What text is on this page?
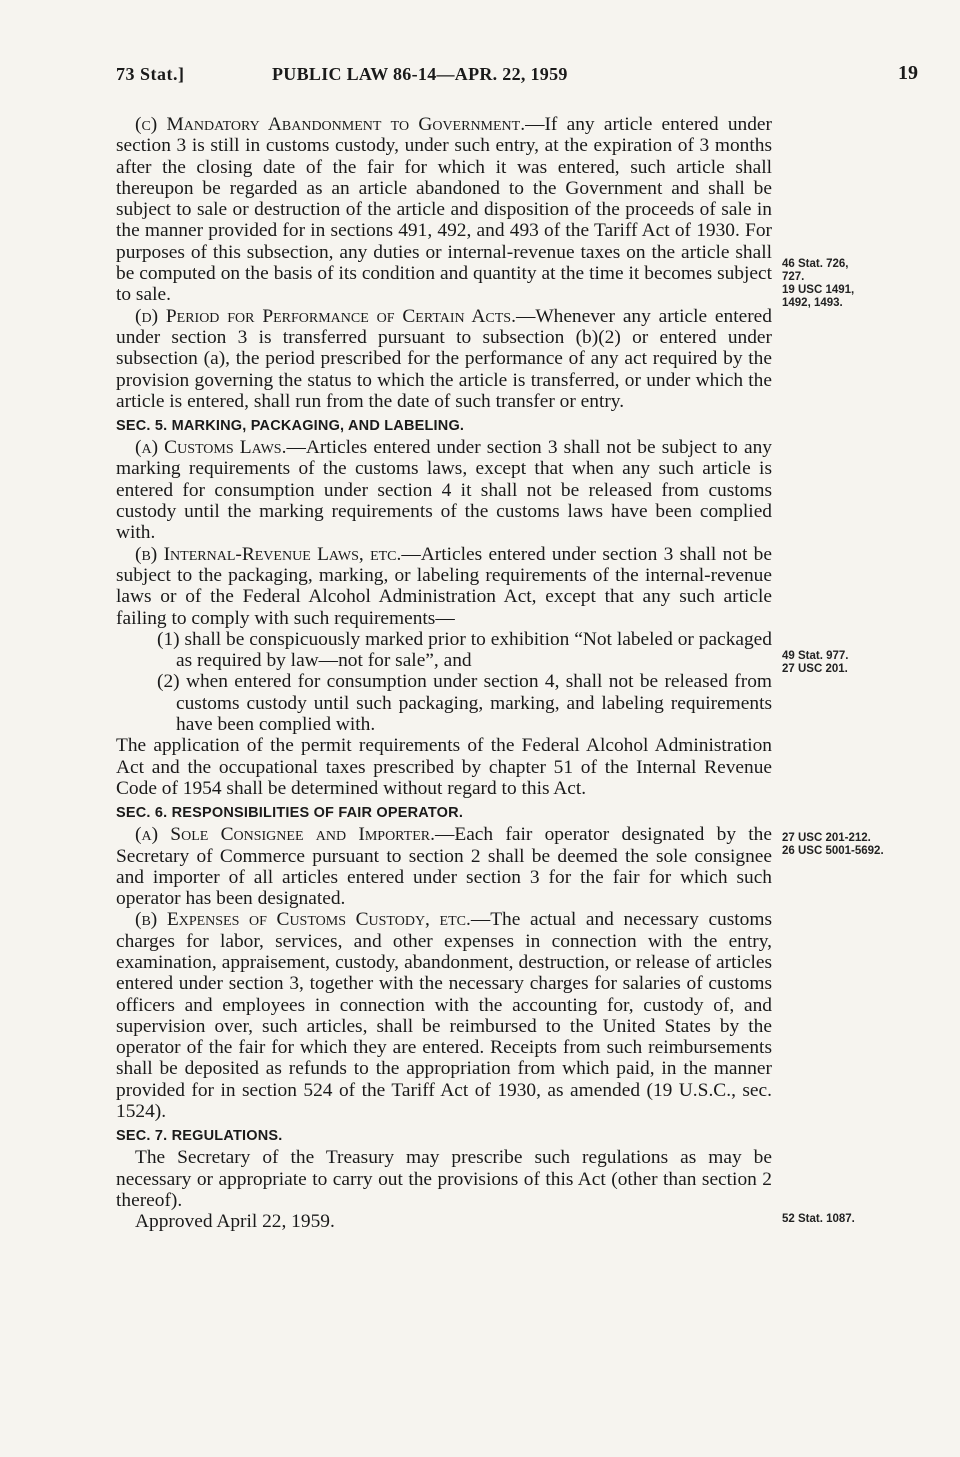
73 Stat.]	PUBLIC LAW 86-14—APR. 22, 1959	19

(c) Mandatory Abandonment to Government.—If any article entered under section 3 is still in customs custody, under such entry, at the expiration of 3 months after the closing date of the fair for which it was entered, such article shall thereupon be regarded as an article abandoned to the Government and shall be subject to sale or destruction of the article and disposition of the proceeds of sale in the manner provided for in sections 491, 492, and 493 of the Tariff Act of 1930. For purposes of this subsection, any duties or internal-revenue taxes on the article shall be computed on the basis of its condition and quantity at the time it becomes subject to sale.

(d) Period for Performance of Certain Acts.—Whenever any article entered under section 3 is transferred pursuant to subsection (b)(2) or entered under subsection (a), the period prescribed for the performance of any act required by the provision governing the status to which the article is transferred, or under which the article is entered, shall run from the date of such transfer or entry.

SEC. 5. MARKING, PACKAGING, AND LABELING.

(a) Customs Laws.—Articles entered under section 3 shall not be subject to any marking requirements of the customs laws, except that when any such article is entered for consumption under section 4 it shall not be released from customs custody until the marking requirements of the customs laws have been complied with.

(b) Internal-Revenue Laws, etc.—Articles entered under section 3 shall not be subject to the packaging, marking, or labeling requirements of the internal-revenue laws or of the Federal Alcohol Administration Act, except that any such article failing to comply with such requirements—

(1) shall be conspicuously marked prior to exhibition “Not labeled or packaged as required by law—not for sale”, and

(2) when entered for consumption under section 4, shall not be released from customs custody until such packaging, marking, and labeling requirements have been complied with.

The application of the permit requirements of the Federal Alcohol Administration Act and the occupational taxes prescribed by chapter 51 of the Internal Revenue Code of 1954 shall be determined without regard to this Act.

SEC. 6. RESPONSIBILITIES OF FAIR OPERATOR.

(a) Sole Consignee and Importer.—Each fair operator designated by the Secretary of Commerce pursuant to section 2 shall be deemed the sole consignee and importer of all articles entered under section 3 for the fair for which such operator has been designated.

(b) Expenses of Customs Custody, etc.—The actual and necessary customs charges for labor, services, and other expenses in connection with the entry, examination, appraisement, custody, abandonment, destruction, or release of articles entered under section 3, together with the necessary charges for salaries of customs officers and employees in connection with the accounting for, custody of, and supervision over, such articles, shall be reimbursed to the United States by the operator of the fair for which they are entered. Receipts from such reimbursements shall be deposited as refunds to the appropriation from which paid, in the manner provided for in section 524 of the Tariff Act of 1930, as amended (19 U.S.C., sec. 1524).

SEC. 7. REGULATIONS.

The Secretary of the Treasury may prescribe such regulations as may be necessary or appropriate to carry out the provisions of this Act (other than section 2 thereof).

Approved April 22, 1959.

46 Stat. 726,
727.
19 USC 1491,
1492, 1493.
49 Stat. 977.
27 USC 201.
27 USC 201-212.
26 USC 5001-5692.
52 Stat. 1087.
